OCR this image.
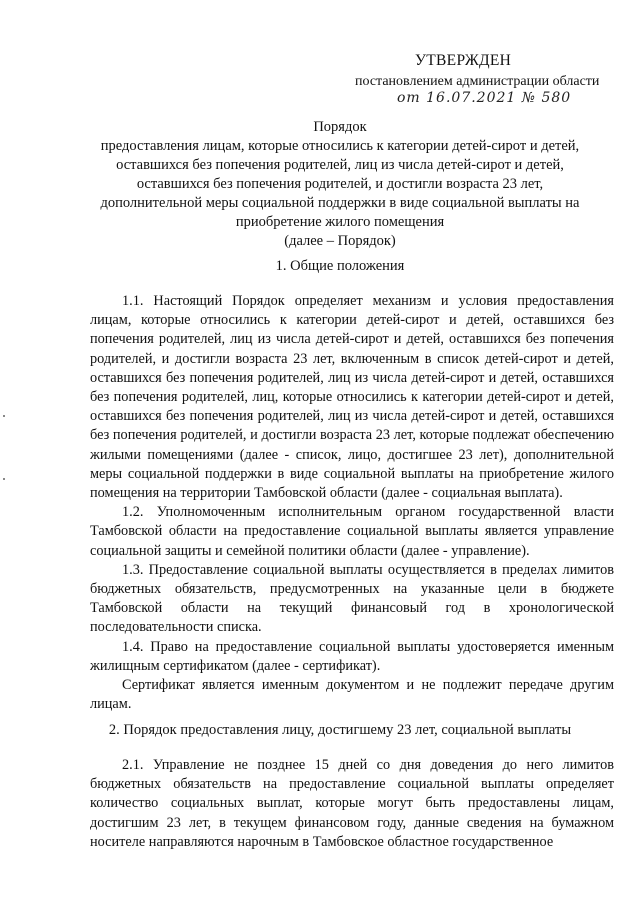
УТВЕРЖДЕН
постановлением администрации области
от 16.07.2021 № 580
Порядок
предоставления лицам, которые относились к категории детей-сирот и детей,
оставшихся без попечения родителей, лиц из числа детей-сирот и детей,
оставшихся без попечения родителей, и достигли возраста 23 лет,
дополнительной меры социальной поддержки в виде социальной выплаты на
приобретение жилого помещения
(далее – Порядок)
1. Общие положения

1.1. Настоящий Порядок определяет механизм и условия предоставления лицам, которые относились к категории детей-сирот и детей, оставшихся без попечения родителей, лиц из числа детей-сирот и детей, оставшихся без попечения родителей, и достигли возраста 23 лет, включенным в список детей-сирот и детей, оставшихся без попечения родителей, лиц из числа детей-сирот и детей, оставшихся без попечения родителей, лиц, которые относились к категории детей-сирот и детей, оставшихся без попечения родителей, лиц из числа детей-сирот и детей, оставшихся без попечения родителей, и достигли возраста 23 лет, которые подлежат обеспечению жилыми помещениями (далее - список, лицо, достигшее 23 лет), дополнительной меры социальной поддержки в виде социальной выплаты на приобретение жилого помещения на территории Тамбовской области (далее - социальная выплата).

1.2. Уполномоченным исполнительным органом государственной власти Тамбовской области на предоставление социальной выплаты является управление социальной защиты и семейной политики области (далее - управление).

1.3. Предоставление социальной выплаты осуществляется в пределах лимитов бюджетных обязательств, предусмотренных на указанные цели в бюджете Тамбовской области на текущий финансовый год в хронологической последовательности списка.

1.4. Право на предоставление социальной выплаты удостоверяется именным жилищным сертификатом (далее - сертификат).

Сертификат является именным документом и не подлежит передаче другим лицам.

2. Порядок предоставления лицу, достигшему 23 лет, социальной выплаты

2.1. Управление не позднее 15 дней со дня доведения до него лимитов бюджетных обязательств на предоставление социальной выплаты определяет количество социальных выплат, которые могут быть предоставлены лицам, достигшим 23 лет, в текущем финансовом году, данные сведения на бумажном носителе направляются нарочным в Тамбовское областное государственное
